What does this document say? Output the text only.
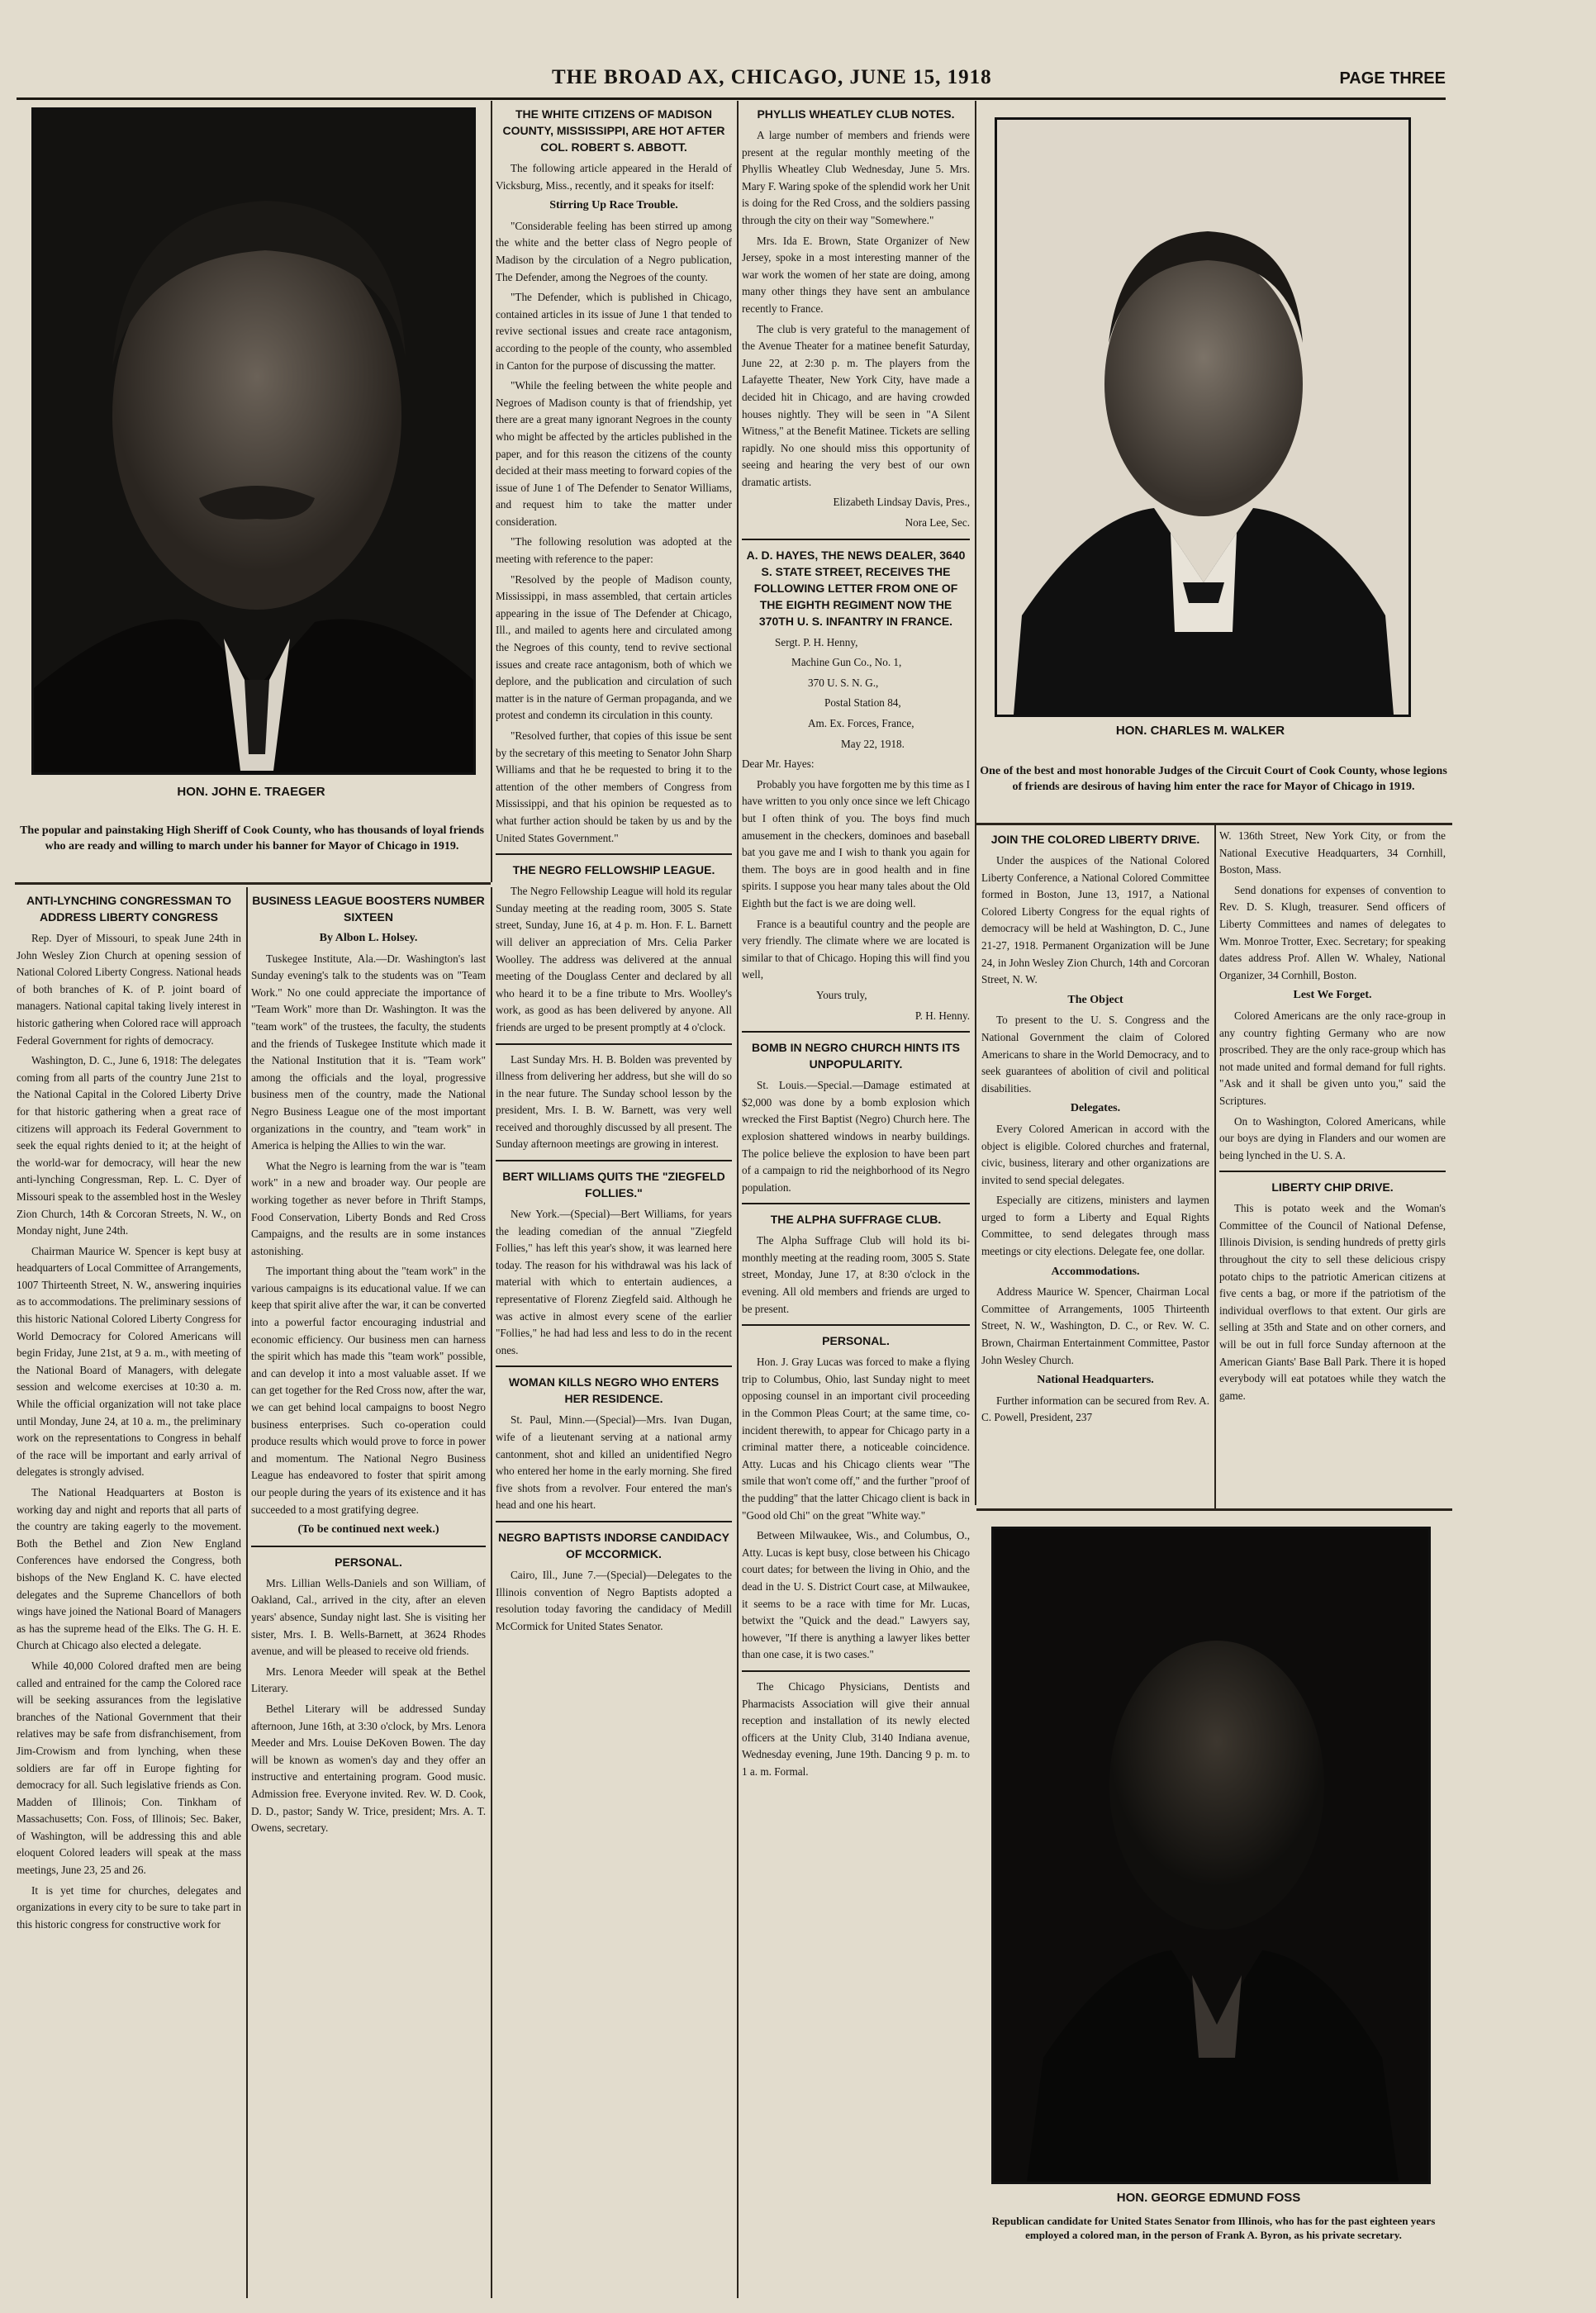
THE BROAD AX, CHICAGO, JUNE 15, 1918	PAGE THREE
HON. JOHN E. TRAEGER
The popular and painstaking High Sheriff of Cook County, who has thousands of loyal friends who are ready and willing to march under his banner for Mayor of Chicago in 1919.
HON. CHARLES M. WALKER
One of the best and most honorable Judges of the Circuit Court of Cook County, whose legions of friends are desirous of having him enter the race for Mayor of Chicago in 1919.
HON. GEORGE EDMUND FOSS
Republican candidate for United States Senator from Illinois, who has for the past eighteen years employed a colored man, in the person of Frank A. Byron, as his private secretary.
THE WHITE CITIZENS OF MADISON COUNTY, MISSISSIPPI, ARE HOT AFTER COL. ROBERT S. ABBOTT.

The following article appeared in the Herald of Vicksburg, Miss., recently, and it speaks for itself:

Stirring Up Race Trouble.

"Considerable feeling has been stirred up among the white and the better class of Negro people of Madison by the circulation of a Negro publication, The Defender, among the Negroes of the county.

"The Defender, which is published in Chicago, contained articles in its issue of June 1 that tended to revive sectional issues and create race antagonism, according to the people of the county, who assembled in Canton for the purpose of discussing the matter.

"While the feeling between the white people and Negroes of Madison county is that of friendship, yet there are a great many ignorant Negroes in the county who might be affected by the articles published in the paper, and for this reason the citizens of the county decided at their mass meeting to forward copies of the issue of June 1 of The Defender to Senator Williams, and request him to take the matter under consideration.

"The following resolution was adopted at the meeting with reference to the paper:

"Resolved by the people of Madison county, Mississippi, in mass assembled, that certain articles appearing in the issue of The Defender at Chicago, Ill., and mailed to agents here and circulated among the Negroes of this county, tend to revive sectional issues and create race antagonism, both of which we deplore, and the publication and circulation of such matter is in the nature of German propaganda, and we protest and condemn its circulation in this county.

"Resolved further, that copies of this issue be sent by the secretary of this meeting to Senator John Sharp Williams and that he be requested to bring it to the attention of the other members of Congress from Mississippi, and that his opinion be requested as to what further action should be taken by us and by the United States Government."

THE NEGRO FELLOWSHIP LEAGUE.

The Negro Fellowship League will hold its regular Sunday meeting at the reading room, 3005 S. State street, Sunday, June 16, at 4 p. m. Hon. F. L. Barnett will deliver an appreciation of Mrs. Celia Parker Woolley. The address was delivered at the annual meeting of the Douglass Center and declared by all who heard it to be a fine tribute to Mrs. Woolley's work, as good as has been delivered by anyone. All friends are urged to be present promptly at 4 o'clock.

Last Sunday Mrs. H. B. Bolden was prevented by illness from delivering her address, but she will do so in the near future. The Sunday school lesson by the president, Mrs. I. B. W. Barnett, was very well received and thoroughly discussed by all present. The Sunday afternoon meetings are growing in interest.

BERT WILLIAMS QUITS THE "ZIEGFELD FOLLIES."

New York.—(Special)—Bert Williams, for years the leading comedian of the annual "Ziegfeld Follies," has left this year's show, it was learned here today. The reason for his withdrawal was his lack of material with which to entertain audiences, a representative of Florenz Ziegfeld said. Although he was active in almost every scene of the earlier "Follies," he had had less and less to do in the recent ones.

WOMAN KILLS NEGRO WHO ENTERS HER RESIDENCE.

St. Paul, Minn.—(Special)—Mrs. Ivan Dugan, wife of a lieutenant serving at a national army cantonment, shot and killed an unidentified Negro who entered her home in the early morning. She fired five shots from a revolver. Four entered the man's head and one his heart.

NEGRO BAPTISTS INDORSE CANDIDACY OF MCCORMICK.

Cairo, Ill., June 7.—(Special)—Delegates to the Illinois convention of Negro Baptists adopted a resolution today favoring the candidacy of Medill McCormick for United States Senator.

PHYLLIS WHEATLEY CLUB NOTES.

A large number of members and friends were present at the regular monthly meeting of the Phyllis Wheatley Club Wednesday, June 5. Mrs. Mary F. Waring spoke of the splendid work her Unit is doing for the Red Cross, and the soldiers passing through the city on their way "Somewhere."

Mrs. Ida E. Brown, State Organizer of New Jersey, spoke in a most interesting manner of the war work the women of her state are doing, among many other things they have sent an ambulance recently to France.

The club is very grateful to the management of the Avenue Theater for a matinee benefit Saturday, June 22, at 2:30 p. m. The players from the Lafayette Theater, New York City, have made a decided hit in Chicago, and are having crowded houses nightly. They will be seen in "A Silent Witness," at the Benefit Matinee. Tickets are selling rapidly. No one should miss this opportunity of seeing and hearing the very best of our own dramatic artists.

Elizabeth Lindsay Davis, Pres.,

Nora Lee, Sec.

A. D. HAYES, THE NEWS DEALER, 3640 S. STATE STREET, RECEIVES THE FOLLOWING LETTER FROM ONE OF THE EIGHTH REGIMENT NOW THE 370TH U. S. INFANTRY IN FRANCE.

Sergt. P. H. Henny,

Machine Gun Co., No. 1,

370 U. S. N. G.,

Postal Station 84,

Am. Ex. Forces, France,

May 22, 1918.

Dear Mr. Hayes:

Probably you have forgotten me by this time as I have written to you only once since we left Chicago but I often think of you. The boys find much amusement in the checkers, dominoes and baseball bat you gave me and I wish to thank you again for them. The boys are in good health and in fine spirits. I suppose you hear many tales about the Old Eighth but the fact is we are doing well.

France is a beautiful country and the people are very friendly. The climate where we are located is similar to that of Chicago. Hoping this will find you well,

Yours truly,

P. H. Henny.

BOMB IN NEGRO CHURCH HINTS ITS UNPOPULARITY.

St. Louis.—Special.—Damage estimated at $2,000 was done by a bomb explosion which wrecked the First Baptist (Negro) Church here. The explosion shattered windows in nearby buildings. The police believe the explosion to have been part of a campaign to rid the neighborhood of its Negro population.

THE ALPHA SUFFRAGE CLUB.

The Alpha Suffrage Club will hold its bi-monthly meeting at the reading room, 3005 S. State street, Monday, June 17, at 8:30 o'clock in the evening. All old members and friends are urged to be present.

PERSONAL.

Hon. J. Gray Lucas was forced to make a flying trip to Columbus, Ohio, last Sunday night to meet opposing counsel in an important civil proceeding in the Common Pleas Court; at the same time, co-incident therewith, to appear for Chicago party in a criminal matter there, a noticeable coincidence. Atty. Lucas and his Chicago clients wear "The smile that won't come off," and the further "proof of the pudding" that the latter Chicago client is back in "Good old Chi" on the great "White way."

Between Milwaukee, Wis., and Columbus, O., Atty. Lucas is kept busy, close between his Chicago court dates; for between the living in Ohio, and the dead in the U. S. District Court case, at Milwaukee, it seems to be a race with time for Mr. Lucas, betwixt the "Quick and the dead." Lawyers say, however, "If there is anything a lawyer likes better than one case, it is two cases."

The Chicago Physicians, Dentists and Pharmacists Association will give their annual reception and installation of its newly elected officers at the Unity Club, 3140 Indiana avenue, Wednesday evening, June 19th. Dancing 9 p. m. to 1 a. m. Formal.

JOIN THE COLORED LIBERTY DRIVE.

Under the auspices of the National Colored Liberty Conference, a National Colored Committee formed in Boston, June 13, 1917, a National Colored Liberty Congress for the equal rights of democracy will be held at Washington, D. C., June 21-27, 1918. Permanent Organization will be June 24, in John Wesley Zion Church, 14th and Corcoran Street, N. W.

The Object

To present to the U. S. Congress and the National Government the claim of Colored Americans to share in the World Democracy, and to seek guarantees of abolition of civil and political disabilities.

Delegates.

Every Colored American in accord with the object is eligible. Colored churches and fraternal, civic, business, literary and other organizations are invited to send special delegates.

Especially are citizens, ministers and laymen urged to form a Liberty and Equal Rights Committee, to send delegates through mass meetings or city elections. Delegate fee, one dollar.

Accommodations.

Address Maurice W. Spencer, Chairman Local Committee of Arrangements, 1005 Thirteenth Street, N. W., Washington, D. C., or Rev. W. C. Brown, Chairman Entertainment Committee, Pastor John Wesley Church.

National Headquarters.

Further information can be secured from Rev. A. C. Powell, President, 237

W. 136th Street, New York City, or from the National Executive Headquarters, 34 Cornhill, Boston, Mass.

Send donations for expenses of convention to Rev. D. S. Klugh, treasurer. Send officers of Liberty Committees and names of delegates to Wm. Monroe Trotter, Exec. Secretary; for speaking dates address Prof. Allen W. Whaley, National Organizer, 34 Cornhill, Boston.

Lest We Forget.

Colored Americans are the only race-group in any country fighting Germany who are now proscribed. They are the only race-group which has not made united and formal demand for full rights. "Ask and it shall be given unto you," said the Scriptures.

On to Washington, Colored Americans, while our boys are dying in Flanders and our women are being lynched in the U. S. A.

LIBERTY CHIP DRIVE.

This is potato week and the Woman's Committee of the Council of National Defense, Illinois Division, is sending hundreds of pretty girls throughout the city to sell these delicious crispy potato chips to the patriotic American citizens at five cents a bag, or more if the patriotism of the individual overflows to that extent. Our girls are selling at 35th and State and on other corners, and will be out in full force Sunday afternoon at the American Giants' Base Ball Park. There it is hoped everybody will eat potatoes while they watch the game.

ANTI-LYNCHING CONGRESSMAN TO ADDRESS LIBERTY CONGRESS

Rep. Dyer of Missouri, to speak June 24th in John Wesley Zion Church at opening session of National Colored Liberty Congress. National heads of both branches of K. of P. joint board of managers. National capital taking lively interest in historic gathering when Colored race will approach Federal Government for rights of democracy.

Washington, D. C., June 6, 1918: The delegates coming from all parts of the country June 21st to the National Capital in the Colored Liberty Drive for that historic gathering when a great race of citizens will approach its Federal Government to seek the equal rights denied to it; at the height of the world-war for democracy, will hear the new anti-lynching Congressman, Rep. L. C. Dyer of Missouri speak to the assembled host in the Wesley Zion Church, 14th & Corcoran Streets, N. W., on Monday night, June 24th.

Chairman Maurice W. Spencer is kept busy at headquarters of Local Committee of Arrangements, 1007 Thirteenth Street, N. W., answering inquiries as to accommodations. The preliminary sessions of this historic National Colored Liberty Congress for World Democracy for Colored Americans will begin Friday, June 21st, at 9 a. m., with meeting of the National Board of Managers, with delegate session and welcome exercises at 10:30 a. m. While the official organization will not take place until Monday, June 24, at 10 a. m., the preliminary work on the representations to Congress in behalf of the race will be important and early arrival of delegates is strongly advised.

The National Headquarters at Boston is working day and night and reports that all parts of the country are taking eagerly to the movement. Both the Bethel and Zion New England Conferences have endorsed the Congress, both bishops of the New England K. C. have elected delegates and the Supreme Chancellors of both wings have joined the National Board of Managers as has the supreme head of the Elks. The G. H. E. Church at Chicago also elected a delegate.

While 40,000 Colored drafted men are being called and entrained for the camp the Colored race will be seeking assurances from the legislative branches of the National Government that their relatives may be safe from disfranchisement, from Jim-Crowism and from lynching, when these soldiers are far off in Europe fighting for democracy for all. Such legislative friends as Con. Madden of Illinois; Con. Tinkham of Massachusetts; Con. Foss, of Illinois; Sec. Baker, of Washington, will be addressing this and able eloquent Colored leaders will speak at the mass meetings, June 23, 25 and 26.

It is yet time for churches, delegates and organizations in every city to be sure to take part in this historic congress for constructive work for

BUSINESS LEAGUE BOOSTERS NUMBER SIXTEEN
By Albon L. Holsey.

Tuskegee Institute, Ala.—Dr. Washington's last Sunday evening's talk to the students was on "Team Work." No one could appreciate the importance of "Team Work" more than Dr. Washington. It was the "team work" of the trustees, the faculty, the students and the friends of Tuskegee Institute which made it the National Institution that it is. "Team work" among the officials and the loyal, progressive business men of the country, made the National Negro Business League one of the most important organizations in the country, and "team work" in America is helping the Allies to win the war.

What the Negro is learning from the war is "team work" in a new and broader way. Our people are working together as never before in Thrift Stamps, Food Conservation, Liberty Bonds and Red Cross Campaigns, and the results are in some instances astonishing.

The important thing about the "team work" in the various campaigns is its educational value. If we can keep that spirit alive after the war, it can be converted into a powerful factor encouraging industrial and economic efficiency. Our business men can harness the spirit which has made this "team work" possible, and can develop it into a most valuable asset. If we can get together for the Red Cross now, after the war, we can get behind local campaigns to boost Negro business enterprises. Such co-operation could produce results which would prove to force in power and momentum. The National Negro Business League has endeavored to foster that spirit among our people during the years of its existence and it has succeeded to a most gratifying degree.

(To be continued next week.)
PERSONAL.

Mrs. Lillian Wells-Daniels and son William, of Oakland, Cal., arrived in the city, after an eleven years' absence, Sunday night last. She is visiting her sister, Mrs. I. B. Wells-Barnett, at 3624 Rhodes avenue, and will be pleased to receive old friends.

Mrs. Lenora Meeder will speak at the Bethel Literary.

Bethel Literary will be addressed Sunday afternoon, June 16th, at 3:30 o'clock, by Mrs. Lenora Meeder and Mrs. Louise DeKoven Bowen. The day will be known as women's day and they offer an instructive and entertaining program. Good music. Admission free. Everyone invited. Rev. W. D. Cook, D. D., pastor; Sandy W. Trice, president; Mrs. A. T. Owens, secretary.
